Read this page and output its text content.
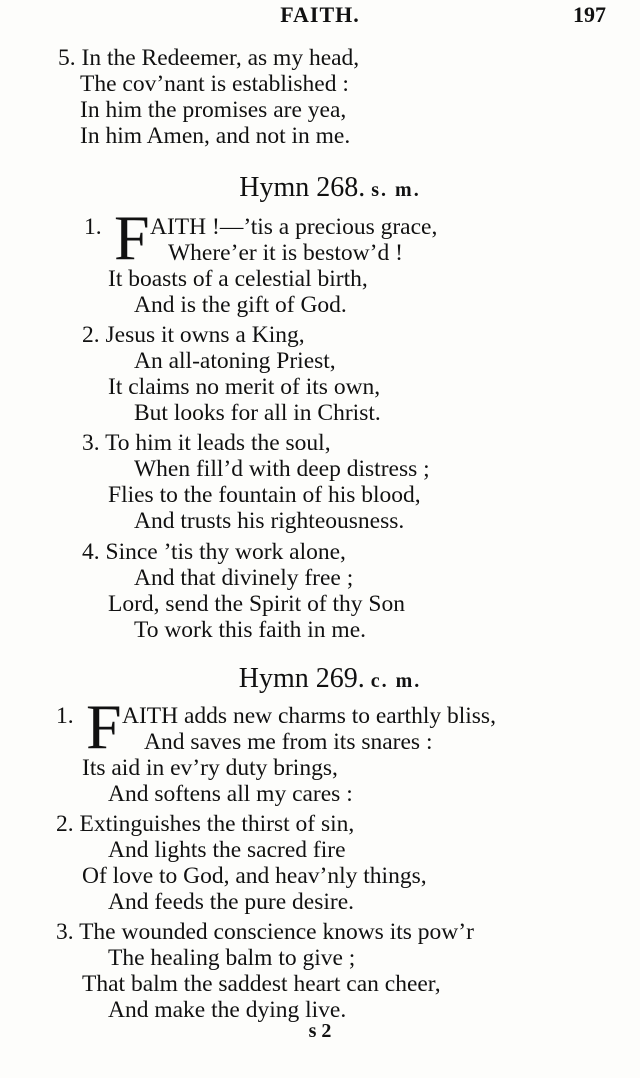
FAITH.	197
5. In the Redeemer, as my head,
The cov’nant is established :
In him the promises are yea,
In him Amen, and not in me.
Hymn 268. s. m.
1. F AITH !—’tis a precious grace,
Where’er it is bestow’d !
It boasts of a celestial birth,
And is the gift of God.
2. Jesus it owns a King,
An all-atoning Priest,
It claims no merit of its own,
But looks for all in Christ.
3. To him it leads the soul,
When fill’d with deep distress ;
Flies to the fountain of his blood,
And trusts his righteousness.
4. Since ’tis thy work alone,
And that divinely free ;
Lord, send the Spirit of thy Son
To work this faith in me.
Hymn 269. c. m.
1. F AITH adds new charms to earthly bliss,
And saves me from its snares :
Its aid in ev’ry duty brings,
And softens all my cares :
2. Extinguishes the thirst of sin,
And lights the sacred fire
Of love to God, and heav’nly things,
And feeds the pure desire.
3. The wounded conscience knows its pow’r
The healing balm to give ;
That balm the saddest heart can cheer,
And make the dying live.
s 2
